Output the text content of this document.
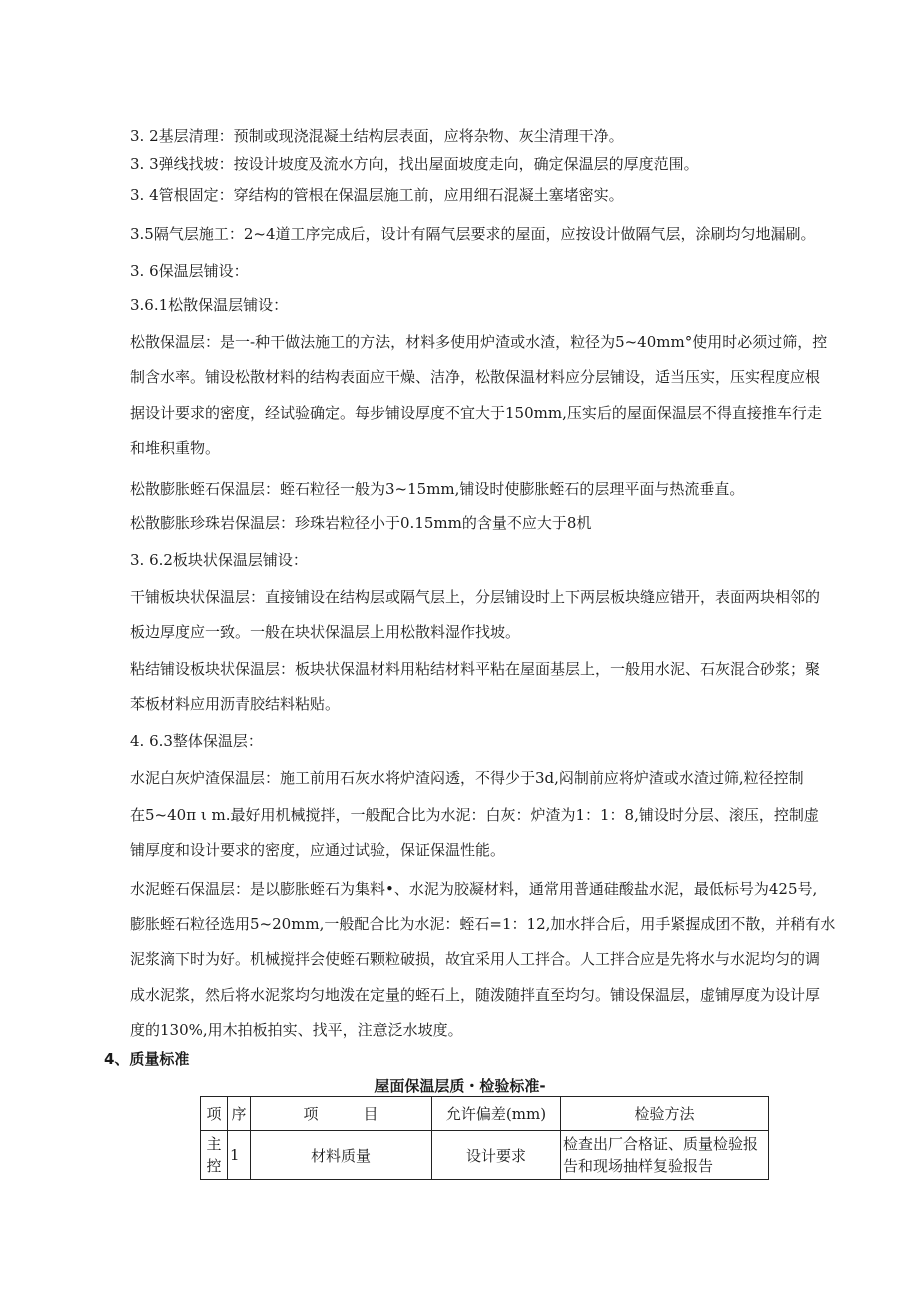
3. 2基层清理：预制或现浇混凝土结构层表面，应将杂物、灰尘清理干净。
3. 3弹线找坡：按设计坡度及流水方向，找出屋面坡度走向，确定保温层的厚度范围。
3. 4管根固定：穿结构的管根在保温层施工前，应用细石混凝土塞堵密实。
3.5隔气层施工：2~4道工序完成后，设计有隔气层要求的屋面，应按设计做隔气层，涂刷均匀地漏刷。
3. 6保温层铺设：
3.6.1松散保温层铺设：
松散保温层：是一-种干做法施工的方法，材料多使用炉渣或水渣，粒径为5~40mm°使用时必须过筛，控
制含水率。铺设松散材料的结构表面应干燥、洁净，松散保温材料应分层铺设，适当压实，压实程度应根
据设计要求的密度，经试验确定。每步铺设厚度不宜大于150mm,压实后的屋面保温层不得直接推车行走
和堆积重物。
松散膨胀蛭石保温层：蛭石粒径一般为3~15mm,铺设时使膨胀蛭石的层理平面与热流垂直。
松散膨胀珍珠岩保温层：珍珠岩粒径小于0.15mm的含量不应大于8机
3. 6.2板块状保温层铺设：
干铺板块状保温层：直接铺设在结构层或隔气层上，分层铺设时上下两层板块缝应错开，表面两块相邻的
板边厚度应一致。一般在块状保温层上用松散料湿作找坡。
粘结铺设板块状保温层：板块状保温材料用粘结材料平粘在屋面基层上，一般用水泥、石灰混合砂浆；聚
苯板材料应用沥青胶结料粘贴。
4. 6.3整体保温层：
水泥白灰炉渣保温层：施工前用石灰水将炉渣闷透，不得少于3d,闷制前应将炉渣或水渣过筛,粒径控制
在5~40π ι m.最好用机械搅拌，一般配合比为水泥：白灰：炉渣为1：1：8,铺设时分层、滚压，控制虚
铺厚度和设计要求的密度，应通过试验，保证保温性能。
水泥蛭石保温层：是以膨胀蛭石为集料•、水泥为胶凝材料，通常用普通硅酸盐水泥，最低标号为425号,
膨胀蛭石粒径选用5~20mm,一般配合比为水泥：蛭石=1：12,加水拌合后，用手紧握成团不散，并稍有水
泥浆滴下时为好。机械搅拌会使蛭石颗粒破损，故宜采用人工拌合。人工拌合应是先将水与水泥均匀的调
成水泥浆，然后将水泥浆均匀地泼在定量的蛭石上，随泼随拌直至均匀。铺设保温层，虚铺厚度为设计厚
度的130%,用木拍板拍实、找平，注意泛水坡度。
4、质量标准
屋面保温层质・检验标准-
项	序	项　　　目	允许偏差(mm)	检验方法

主
控	1	材料质量	设计要求	检查出厂合格证、质量检验报
告和现场抽样复验报告
